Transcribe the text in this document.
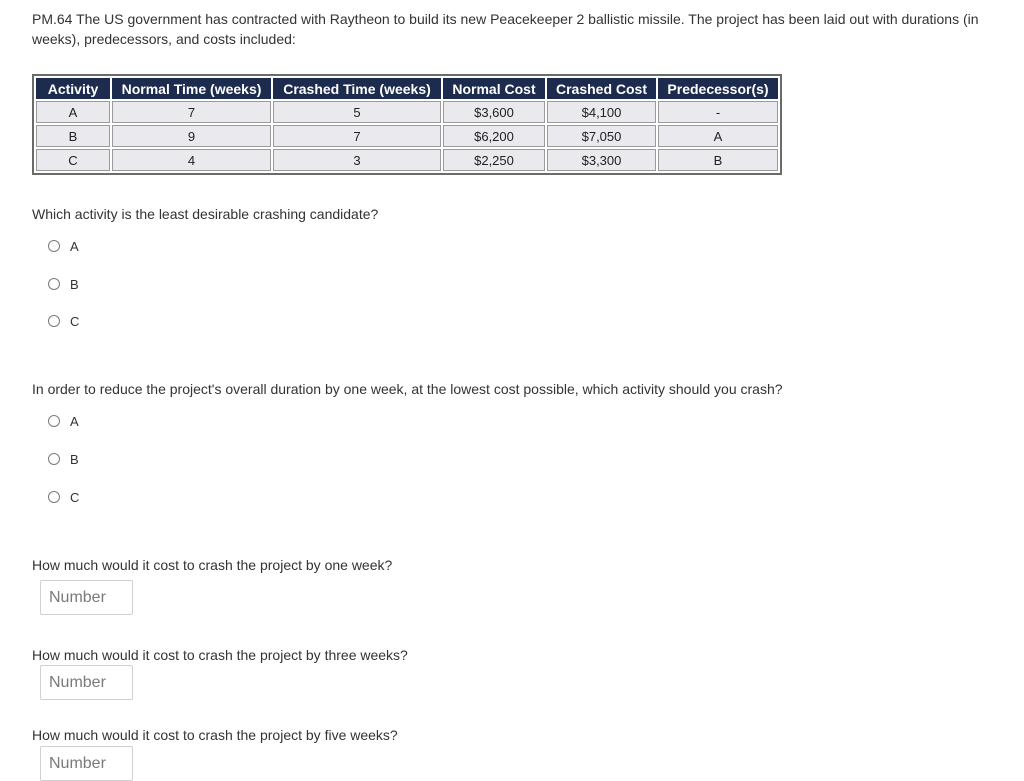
PM.64 The US government has contracted with Raytheon to build its new Peacekeeper 2 ballistic missile. The project has been laid out with durations (in weeks), predecessors, and costs included:
Activity	Normal Time (weeks)	Crashed Time (weeks)	Normal Cost	Crashed Cost	Predecessor(s)
A	7	5	$3,600	$4,100	-
B	9	7	$6,200	$7,050	A
C	4	3	$2,250	$3,300	B
Which activity is the least desirable crashing candidate?
A
B
C
In order to reduce the project's overall duration by one week, at the lowest cost possible, which activity should you crash?
A
B
C
How much would it cost to crash the project by one week?
Number
How much would it cost to crash the project by three weeks?
Number
How much would it cost to crash the project by five weeks?
Number
